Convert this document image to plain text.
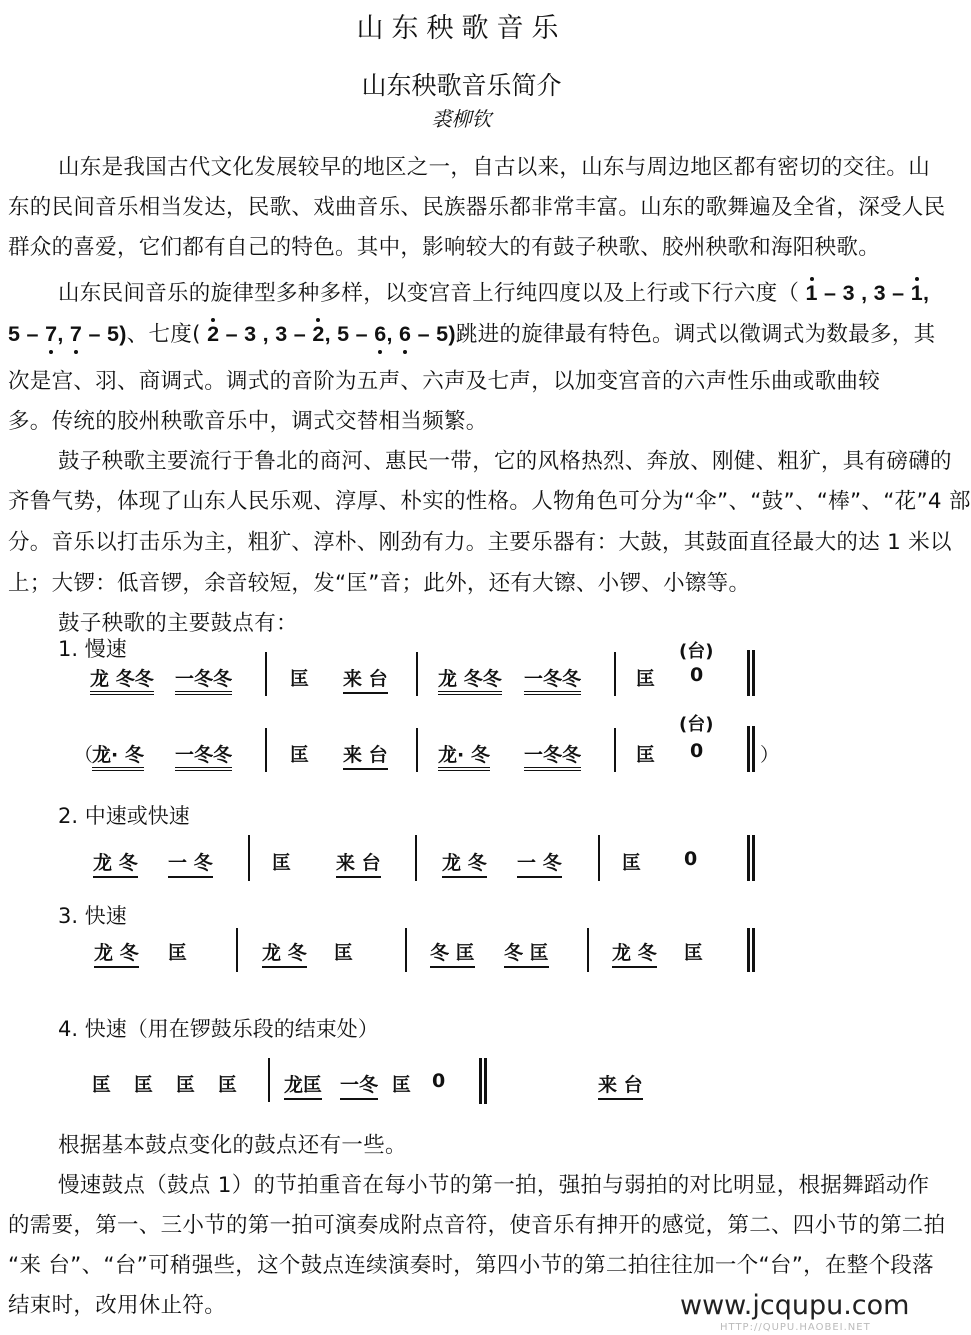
山东秧歌音乐
山东秧歌音乐简介
裘柳钦
山东是我国古代文化发展较早的地区之一，自古以来，山东与周边地区都有密切的交往。山
东的民间音乐相当发达，民歌、戏曲音乐、民族器乐都非常丰富。山东的歌舞遍及全省，深受人民
群众的喜爱，它们都有自己的特色。其中，影响较大的有鼓子秧歌、胶州秧歌和海阳秧歌。
山东民间音乐的旋律型多种多样，以变宫音上行纯四度以及上行或下行六度（ 1 – 3 , 3 – 1,
5 – 7, 7 – 5)、七度( 2 – 3 , 3 – 2, 5 – 6, 6 – 5)跳进的旋律最有特色。调式以徵调式为数最多，其
次是宫、羽、商调式。调式的音阶为五声、六声及七声，以加变宫音的六声性乐曲或歌曲较
多。传统的胶州秧歌音乐中，调式交替相当频繁。
鼓子秧歌主要流行于鲁北的商河、惠民一带，它的风格热烈、奔放、刚健、粗犷，具有磅礴的
齐鲁气势，体现了山东人民乐观、淳厚、朴实的性格。人物角色可分为“伞”、“鼓”、“棒”、“花”4 部
分。音乐以打击乐为主，粗犷、淳朴、刚劲有力。主要乐器有：大鼓，其鼓面直径最大的达 1 米以
上；大锣：低音锣，余音较短，发“匡”音；此外，还有大镲、小锣、小镲等。
鼓子秧歌的主要鼓点有：
1. 慢速
龙 冬冬 一冬冬	匡 来 台	龙 冬冬 一冬冬	匡
(台)
0
（
龙· 冬 一冬冬	匡 来 台	龙· 冬 一冬冬	匡
(台)
0	）
2. 中速或快速
龙 冬 一 冬	匡 来 台	龙 冬 一 冬	匡 0
3. 快速
龙 冬 匡	龙 冬 匡	冬 匡 冬 匡	龙 冬 匡
4. 快速（用在锣鼓乐段的结束处）
匡 匡 匡 匡 龙匡 一冬 匡 0	来 台
根据基本鼓点变化的鼓点还有一些。
慢速鼓点（鼓点 1）的节拍重音在每小节的第一拍，强拍与弱拍的对比明显，根据舞蹈动作
的需要，第一、三小节的第一拍可演奏成附点音符，使音乐有抻开的感觉，第二、四小节的第二拍
“来 台”、“台”可稍强些，这个鼓点连续演奏时，第四小节的第二拍往往加一个“台”，在整个段落
结束时，改用休止符。	www.jcqupu.com
HTTP://QUPU.HAOBEI.NET
